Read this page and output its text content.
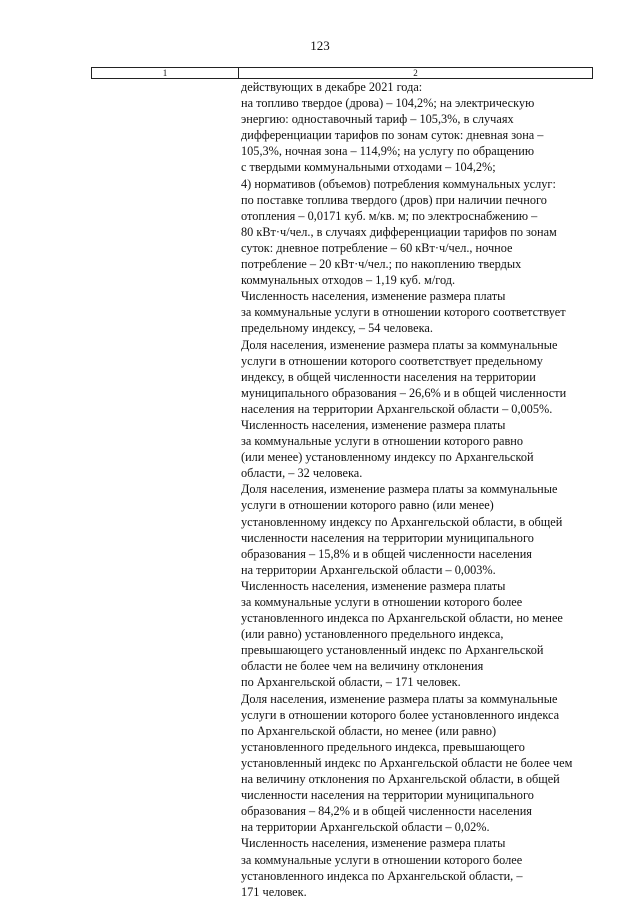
123
1	2
действующих в декабре 2021 года:
на топливо твердое (дрова) – 104,2%; на электрическую
энергию: одноставочный тариф – 105,3%, в случаях
дифференциации тарифов по зонам суток: дневная зона –
105,3%, ночная зона – 114,9%; на услугу по обращению
с твердыми коммунальными отходами – 104,2%;
4) нормативов (объемов) потребления коммунальных услуг:
по поставке топлива твердого (дров) при наличии печного
отопления – 0,0171 куб. м/кв. м; по электроснабжению –
80 кВт·ч/чел., в случаях дифференциации тарифов по зонам
суток: дневное потребление – 60 кВт·ч/чел., ночное
потребление – 20 кВт·ч/чел.; по накоплению твердых
коммунальных отходов – 1,19 куб. м/год.
Численность населения, изменение размера платы
за коммунальные услуги в отношении которого соответствует
предельному индексу, – 54 человека.
Доля населения, изменение размера платы за коммунальные
услуги в отношении которого соответствует предельному
индексу, в общей численности населения на территории
муниципального образования – 26,6% и в общей численности
населения на территории Архангельской области – 0,005%.
Численность населения, изменение размера платы
за коммунальные услуги в отношении которого равно
(или менее) установленному индексу по Архангельской
области, – 32 человека.
Доля населения, изменение размера платы за коммунальные
услуги в отношении которого равно (или менее)
установленному индексу по Архангельской области, в общей
численности населения на территории муниципального
образования – 15,8% и в общей численности населения
на территории Архангельской области – 0,003%.
Численность населения, изменение размера платы
за коммунальные услуги в отношении которого более
установленного индекса по Архангельской области, но менее
(или равно) установленного предельного индекса,
превышающего установленный индекс по Архангельской
области не более чем на величину отклонения
по Архангельской области, – 171 человек.
Доля населения, изменение размера платы за коммунальные
услуги в отношении которого более установленного индекса
по Архангельской области, но менее (или равно)
установленного предельного индекса, превышающего
установленный индекс по Архангельской области не более чем
на величину отклонения по Архангельской области, в общей
численности населения на территории муниципального
образования – 84,2% и в общей численности населения
на территории Архангельской области – 0,02%.
Численность населения, изменение размера платы
за коммунальные услуги в отношении которого более
установленного индекса по Архангельской области, –
171 человек.
